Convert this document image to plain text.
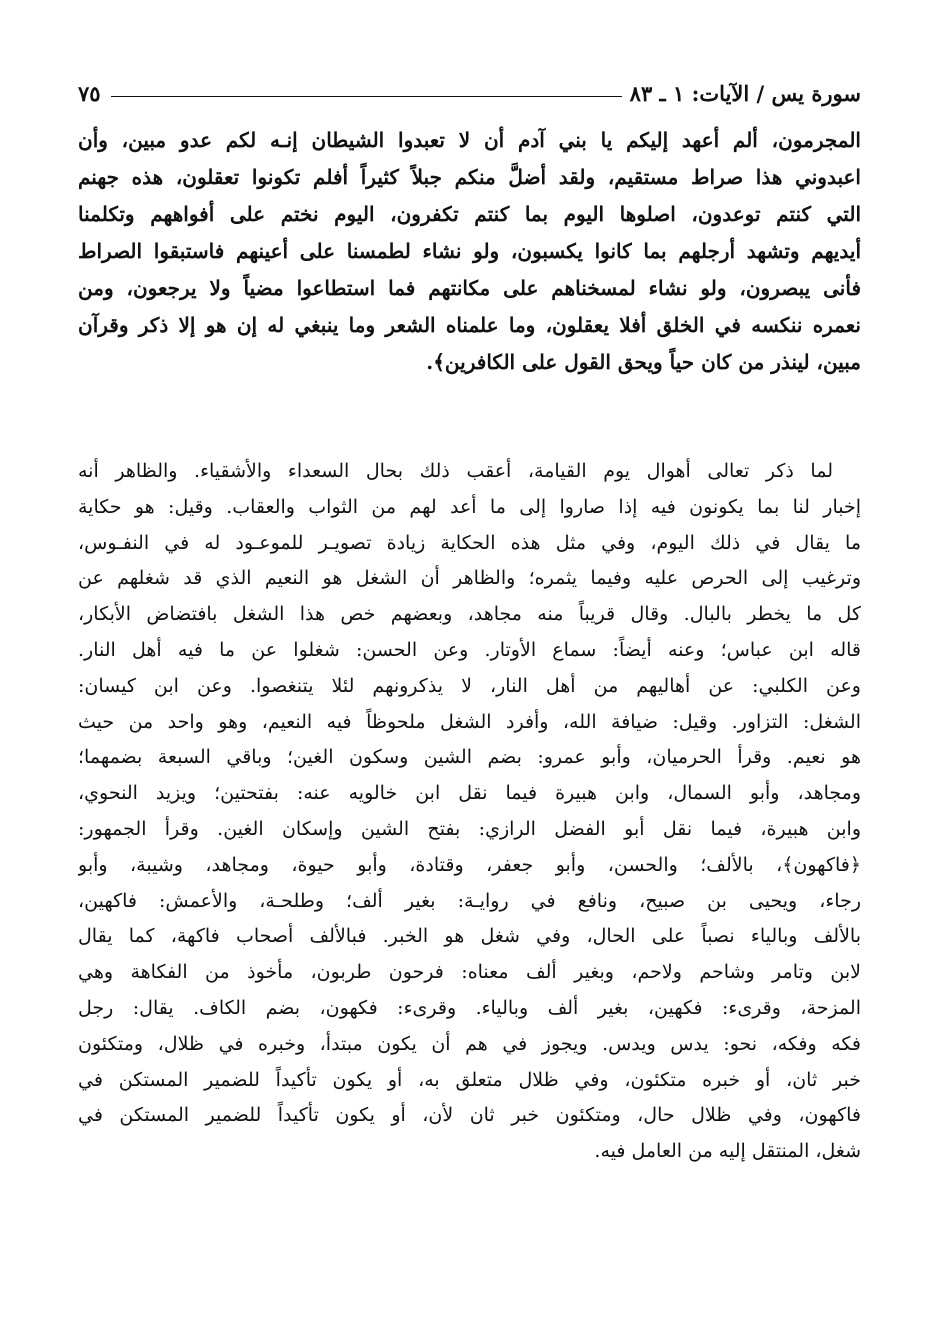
سورة يس / الآيات: ١ ـ ٨٣
٧٥
المجرمون، ألم أعهد إليكم يا بني آدم أن لا تعبدوا الشيطان إنـه لكم عدو مبين، وأن
اعبدوني هذا صراط مستقيم، ولقد أضلَّ منكم جبلاً كثيراً أفلم تكونوا تعقلون، هذه جهنم
التي كنتم توعدون، اصلوها اليوم بما كنتم تكفرون، اليوم نختم على أفواههم وتكلمنا
أيديهم وتشهد أرجلهم بما كانوا يكسبون، ولو نشاء لطمسنا على أعينهم فاستبقوا الصراط
فأنى يبصرون، ولو نشاء لمسخناهم على مكانتهم فما استطاعوا مضياً ولا يرجعون، ومن
نعمره ننكسه في الخلق أفلا يعقلون، وما علمناه الشعر وما ينبغي له إن هو إلا ذكر وقرآن
مبين، لينذر من كان حياً ويحق القول على الكافرين﴾.
لما ذكر تعالى أهوال يوم القيامة، أعقب ذلك بحال السعداء والأشقياء. والظاهر أنه
إخبار لنا بما يكونون فيه إذا صاروا إلى ما أعد لهم من الثواب والعقاب. وقيل: هو حكاية
ما يقال في ذلك اليوم، وفي مثل هذه الحكاية زيادة تصويـر للموعـود له في النفـوس،
وترغيب إلى الحرص عليه وفيما يثمره؛ والظاهر أن الشغل هو النعيم الذي قد شغلهم عن
كل ما يخطر بالبال. وقال قريباً منه مجاهد، وبعضهم خص هذا الشغل بافتضاض الأبكار،
قاله ابن عباس؛ وعنه أيضاً: سماع الأوتار. وعن الحسن: شغلوا عن ما فيه أهل النار.
وعن الكلبي: عن أهاليهم من أهل النار، لا يذكرونهم لئلا يتنغصوا. وعن ابن كيسان:
الشغل: التزاور. وقيل: ضيافة الله، وأفرد الشغل ملحوظاً فيه النعيم، وهو واحد من حيث
هو نعيم. وقرأ الحرميان، وأبو عمرو: بضم الشين وسكون الغين؛ وباقي السبعة بضمهما؛
ومجاهد، وأبو السمال، وابن هبيرة فيما نقل ابن خالويه عنه: بفتحتين؛ ويزيد النحوي،
وابن هبيرة، فيما نقل أبو الفضل الرازي: بفتح الشين وإسكان الغين. وقرأ الجمهور:
﴿فاكهون﴾، بالألف؛ والحسن، وأبو جعفر، وقتادة، وأبو حيوة، ومجاهد، وشيبة، وأبو
رجاء، ويحيى بن صبيح، ونافع في روايـة: بغير ألف؛ وطلحـة، والأعمش: فاكهين،
بالألف وبالياء نصباً على الحال، وفي شغل هو الخبر. فبالألف أصحاب فاكهة، كما يقال
لابن وتامر وشاحم ولاحم، وبغير ألف معناه: فرحون طربون، مأخوذ من الفكاهة وهي
المزحة، وقرىء: فكهين، بغير ألف وبالياء. وقرىء: فكهون، بضم الكاف. يقال: رجل
فكه وفكه، نحو: يدس ويدس. ويجوز في هم أن يكون مبتدأ، وخبره في ظلال، ومتكئون
خبر ثان، أو خبره متكئون، وفي ظلال متعلق به، أو يكون تأكيداً للضمير المستكن في
فاكهون، وفي ظلال حال، ومتكئون خبر ثان لأن، أو يكون تأكيداً للضمير المستكن في
شغل، المنتقل إليه من العامل فيه.
